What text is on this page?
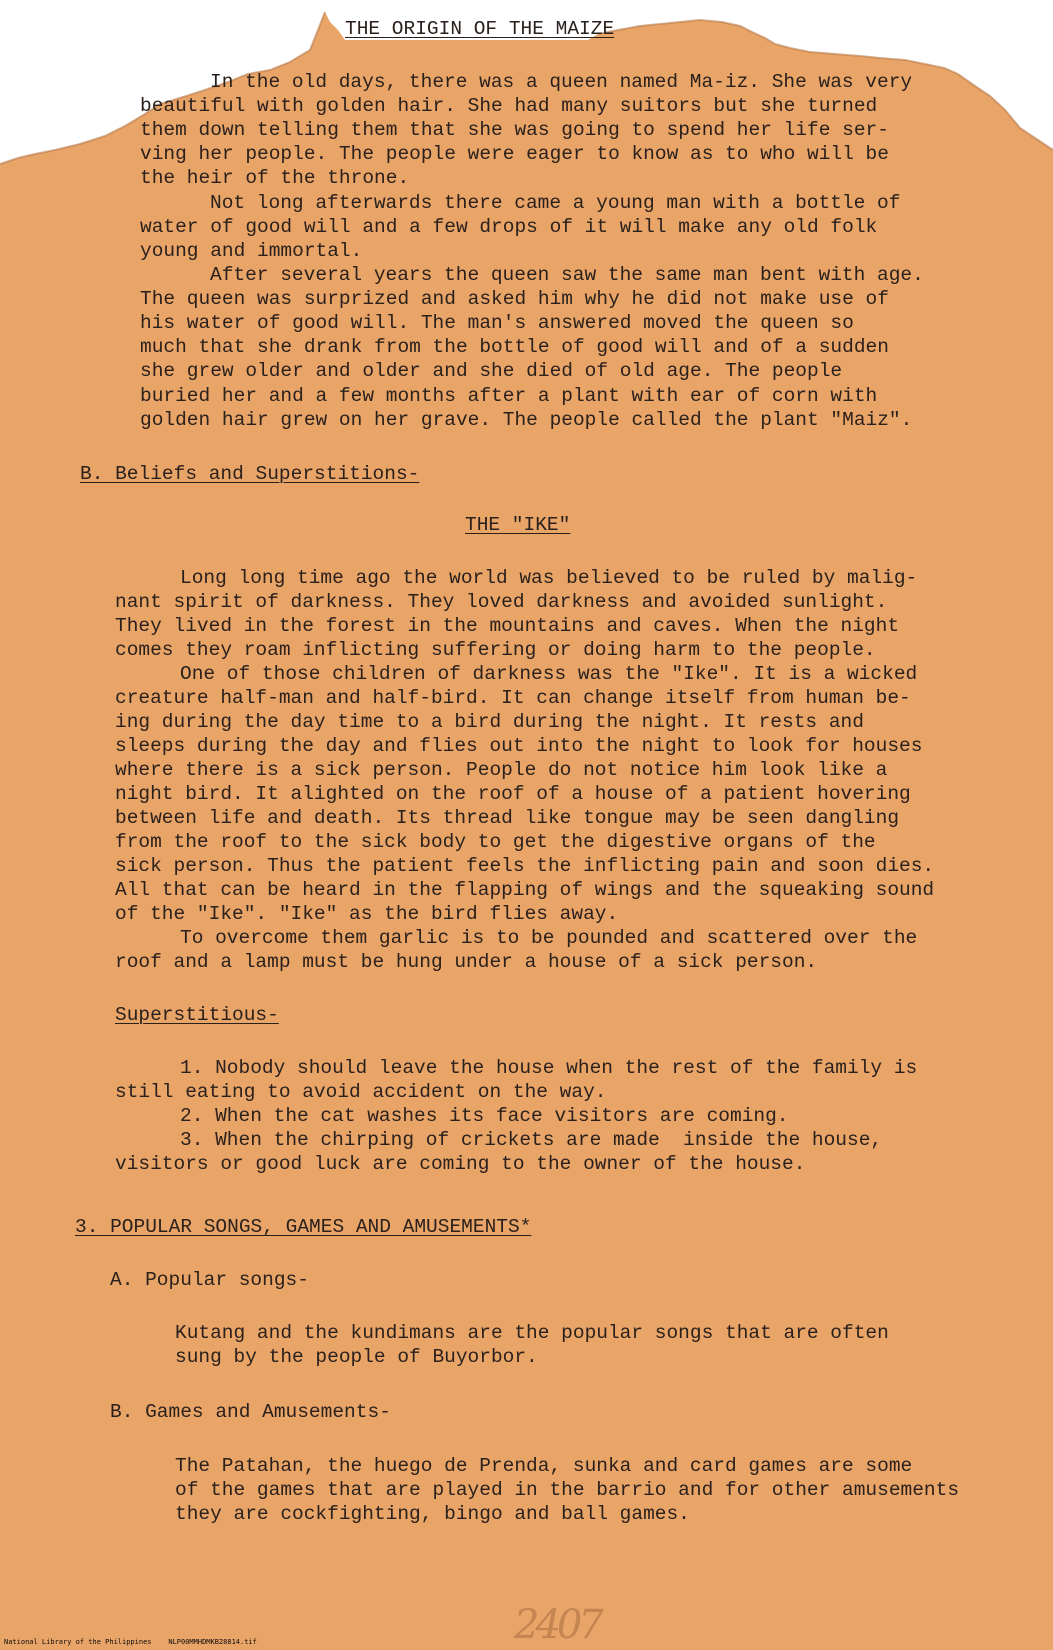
THE ORIGIN OF THE MAIZE
In the old days, there was a queen named Ma-iz. She was very
beautiful with golden hair. She had many suitors but she turned
them down telling them that she was going to spend her life ser-
ving her people. The people were eager to know as to who will be
the heir of the throne.
Not long afterwards there came a young man with a bottle of
water of good will and a few drops of it will make any old folk
young and immortal.
After several years the queen saw the same man bent with age.
The queen was surprized and asked him why he did not make use of
his water of good will. The man's answered moved the queen so
much that she drank from the bottle of good will and of a sudden
she grew older and older and she died of old age. The people
buried her and a few months after a plant with ear of corn with
golden hair grew on her grave. The people called the plant "Maiz".
B. Beliefs and Superstitions-
THE "IKE"
Long long time ago the world was believed to be ruled by malig-
nant spirit of darkness. They loved darkness and avoided sunlight.
They lived in the forest in the mountains and caves. When the night
comes they roam inflicting suffering or doing harm to the people.
One of those children of darkness was the "Ike". It is a wicked
creature half-man and half-bird. It can change itself from human be-
ing during the day time to a bird during the night. It rests and
sleeps during the day and flies out into the night to look for houses
where there is a sick person. People do not notice him look like a
night bird. It alighted on the roof of a house of a patient hovering
between life and death. Its thread like tongue may be seen dangling
from the roof to the sick body to get the digestive organs of the
sick person. Thus the patient feels the inflicting pain and soon dies.
All that can be heard in the flapping of wings and the squeaking sound
of the "Ike". "Ike" as the bird flies away.
To overcome them garlic is to be pounded and scattered over the
roof and a lamp must be hung under a house of a sick person.
Superstitious-
1. Nobody should leave the house when the rest of the family is
still eating to avoid accident on the way.
2. When the cat washes its face visitors are coming.
3. When the chirping of crickets are made  inside the house,
visitors or good luck are coming to the owner of the house.
3. POPULAR SONGS, GAMES AND AMUSEMENTS*
A. Popular songs-
Kutang and the kundimans are the popular songs that are often
sung by the people of Buyorbor.
B. Games and Amusements-
The Patahan, the huego de Prenda, sunka and card games are some
of the games that are played in the barrio and for other amusements
they are cockfighting, bingo and ball games.
2407
National Library of the Philippines    NLP00MMHDMKB28814.tif
